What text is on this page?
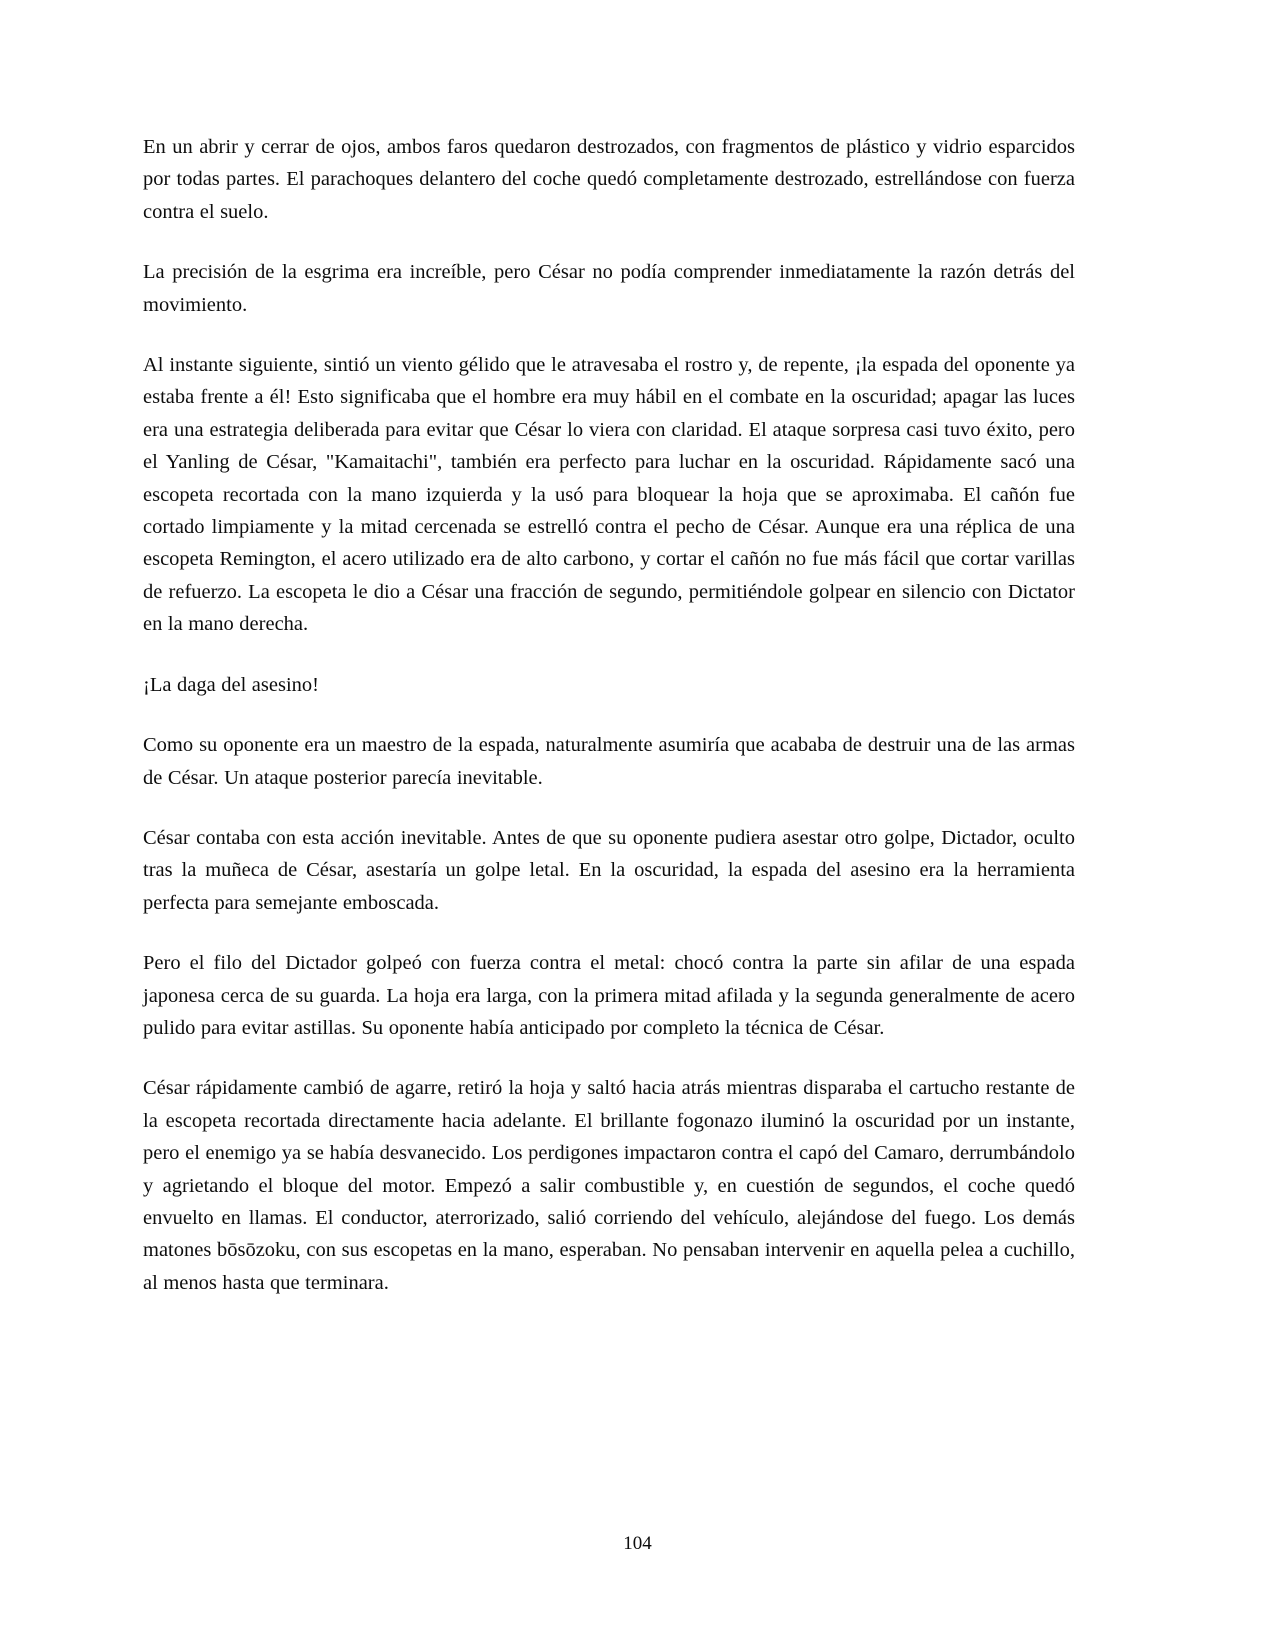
En un abrir y cerrar de ojos, ambos faros quedaron destrozados, con fragmentos de plástico y vidrio esparcidos por todas partes. El parachoques delantero del coche quedó completamente destrozado, estrellándose con fuerza contra el suelo.

La precisión de la esgrima era increíble, pero César no podía comprender inmediatamente la razón detrás del movimiento.

Al instante siguiente, sintió un viento gélido que le atravesaba el rostro y, de repente, ¡la espada del oponente ya estaba frente a él! Esto significaba que el hombre era muy hábil en el combate en la oscuridad; apagar las luces era una estrategia deliberada para evitar que César lo viera con claridad. El ataque sorpresa casi tuvo éxito, pero el Yanling de César, "Kamaitachi", también era perfecto para luchar en la oscuridad. Rápidamente sacó una escopeta recortada con la mano izquierda y la usó para bloquear la hoja que se aproximaba. El cañón fue cortado limpiamente y la mitad cercenada se estrelló contra el pecho de César. Aunque era una réplica de una escopeta Remington, el acero utilizado era de alto carbono, y cortar el cañón no fue más fácil que cortar varillas de refuerzo. La escopeta le dio a César una fracción de segundo, permitiéndole golpear en silencio con Dictator en la mano derecha.

¡La daga del asesino!

Como su oponente era un maestro de la espada, naturalmente asumiría que acababa de destruir una de las armas de César. Un ataque posterior parecía inevitable.

César contaba con esta acción inevitable. Antes de que su oponente pudiera asestar otro golpe, Dictador, oculto tras la muñeca de César, asestaría un golpe letal. En la oscuridad, la espada del asesino era la herramienta perfecta para semejante emboscada.

Pero el filo del Dictador golpeó con fuerza contra el metal: chocó contra la parte sin afilar de una espada japonesa cerca de su guarda. La hoja era larga, con la primera mitad afilada y la segunda generalmente de acero pulido para evitar astillas. Su oponente había anticipado por completo la técnica de César.

César rápidamente cambió de agarre, retiró la hoja y saltó hacia atrás mientras disparaba el cartucho restante de la escopeta recortada directamente hacia adelante. El brillante fogonazo iluminó la oscuridad por un instante, pero el enemigo ya se había desvanecido. Los perdigones impactaron contra el capó del Camaro, derrumbándolo y agrietando el bloque del motor. Empezó a salir combustible y, en cuestión de segundos, el coche quedó envuelto en llamas. El conductor, aterrorizado, salió corriendo del vehículo, alejándose del fuego. Los demás matones bōsōzoku, con sus escopetas en la mano, esperaban. No pensaban intervenir en aquella pelea a cuchillo, al menos hasta que terminara.

104
